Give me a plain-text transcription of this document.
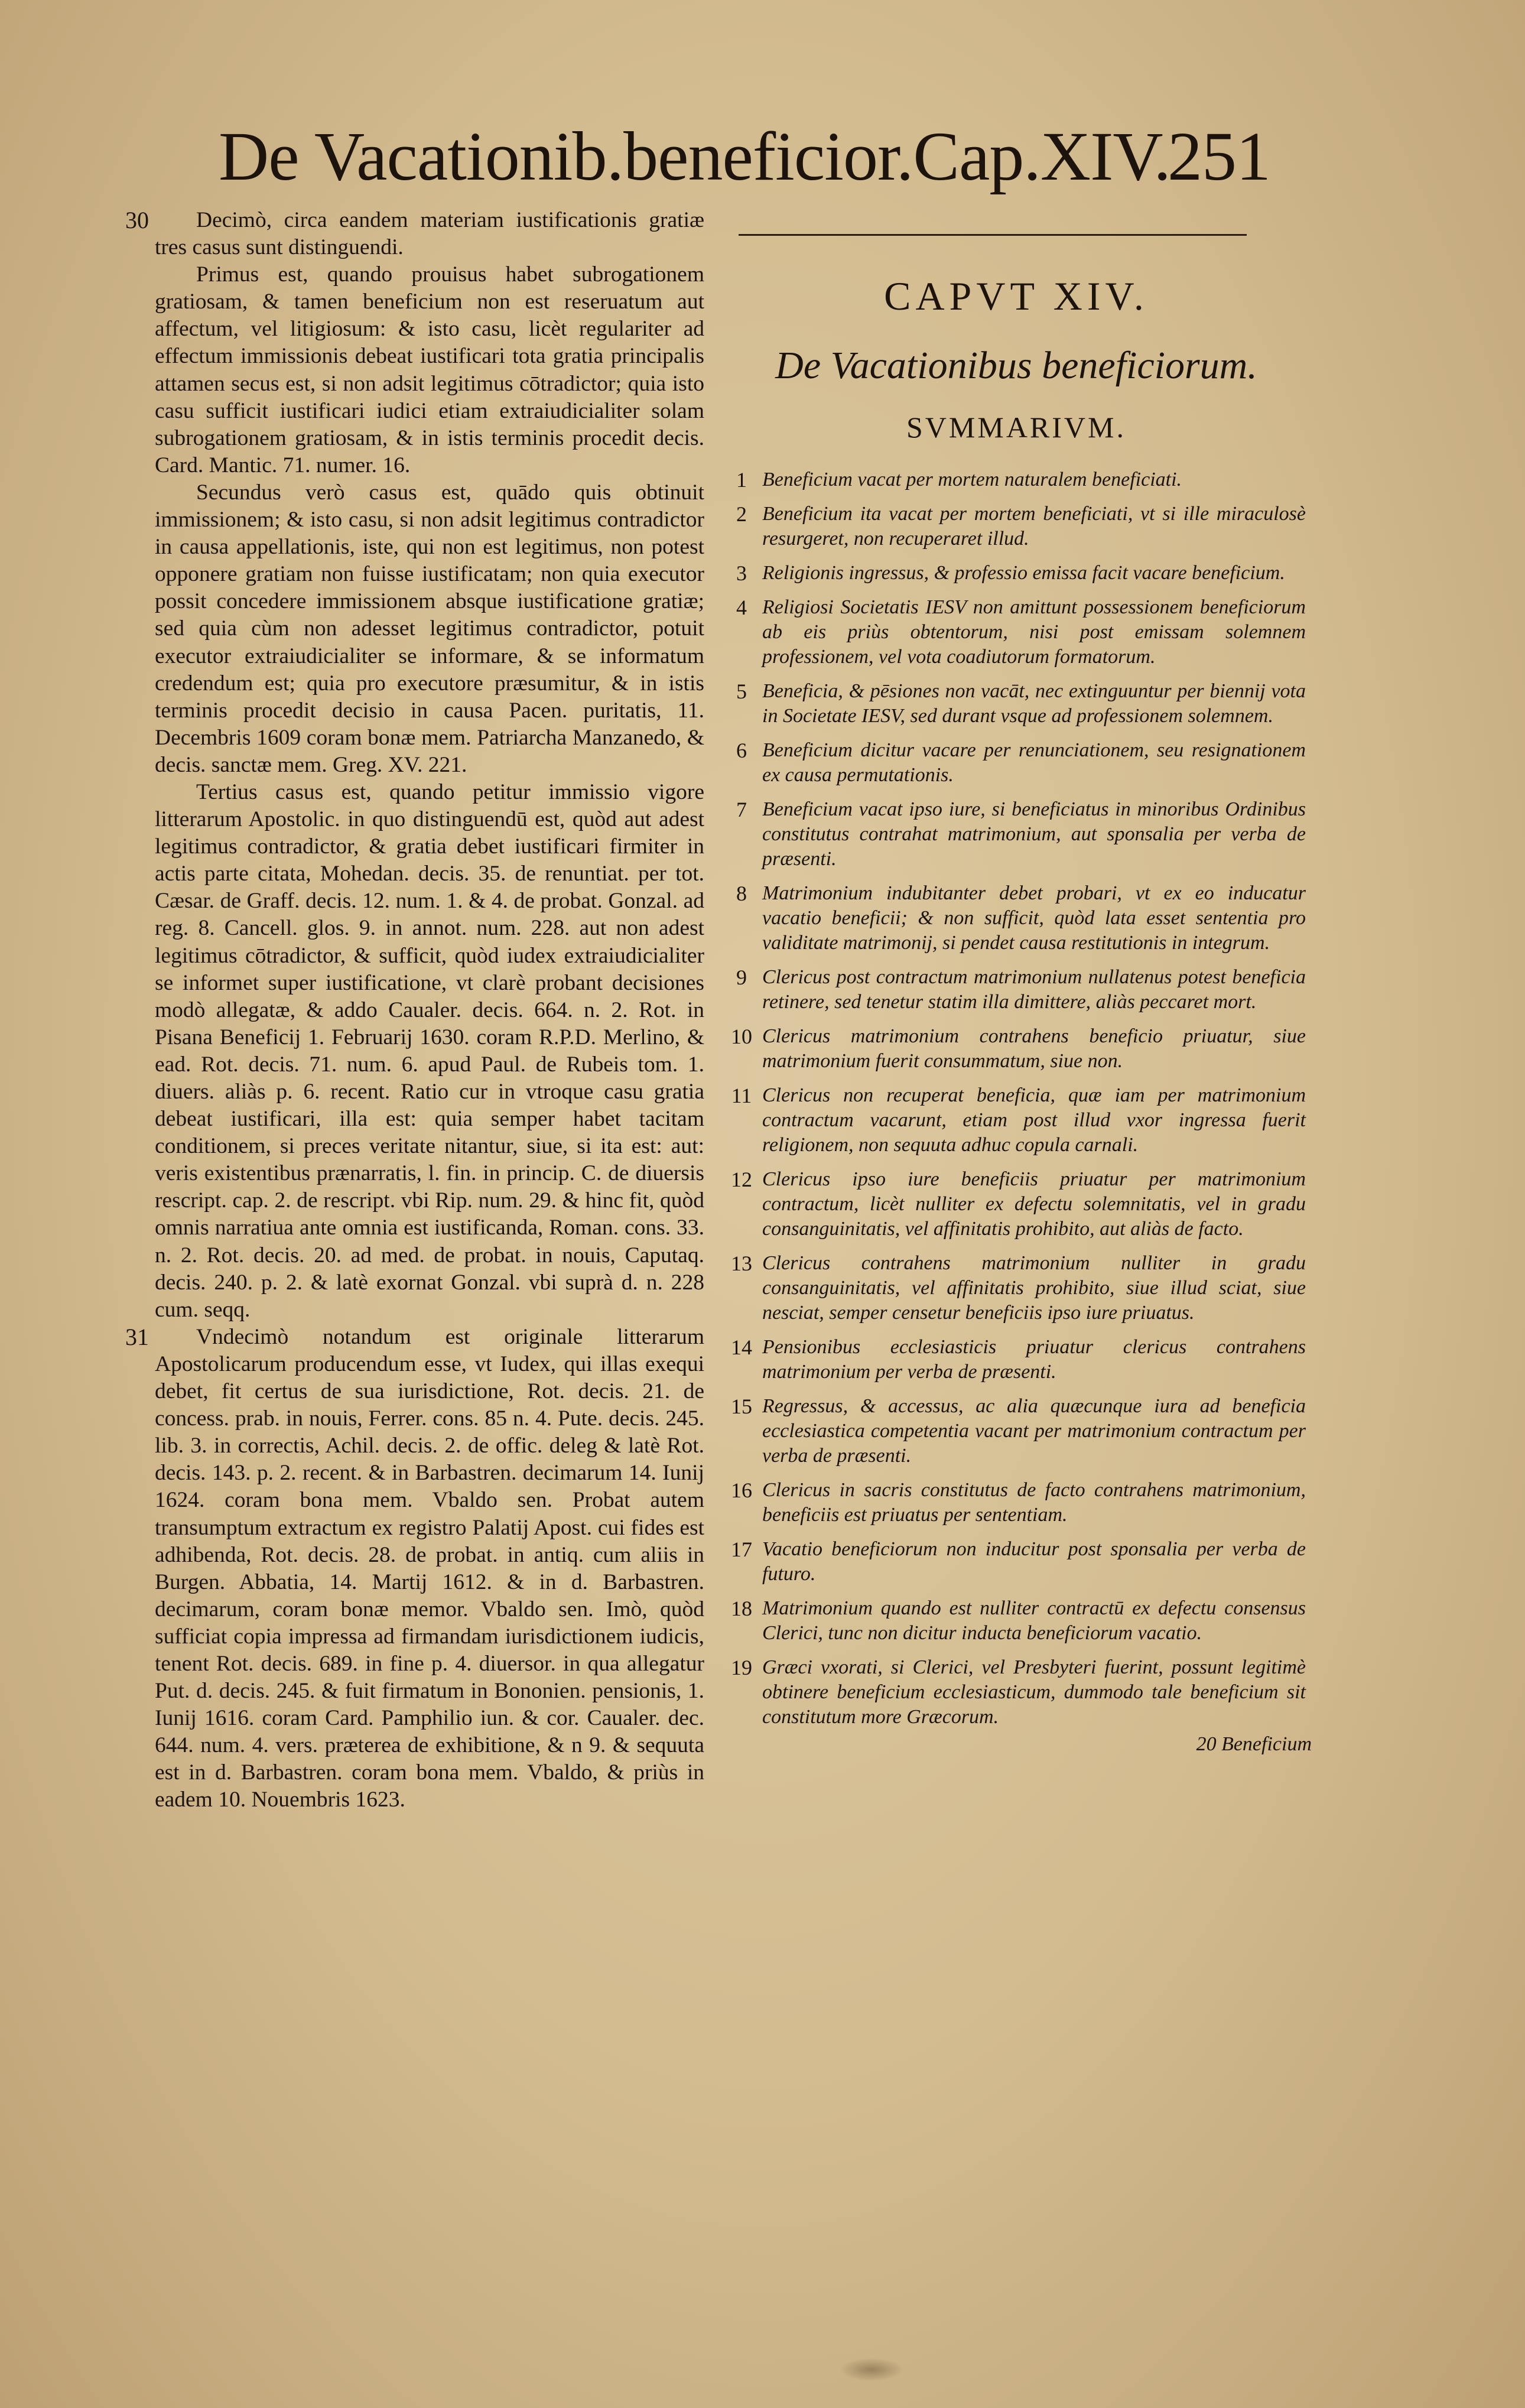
De Vacationib.beneficior.Cap.XIV.
251
30	Decimò, circa eandem materiam iustificationis gratiæ tres casus sunt distinguendi.

Primus est, quando prouisus habet subrogationem gratiosam, & tamen beneficium non est reseruatum aut affectum, vel litigiosum: & isto casu, licèt regulariter ad effectum immissionis debeat iustificari tota gratia principalis attamen secus est, si non adsit legitimus cōtradictor; quia isto casu sufficit iustificari iudici etiam extraiudicialiter solam subrogationem gratiosam, & in istis terminis procedit decis. Card. Mantic. 71. numer. 16.

Secundus verò casus est, quādo quis obtinuit immissionem; & isto casu, si non adsit legitimus contradictor in causa appellationis, iste, qui non est legitimus, non potest opponere gratiam non fuisse iustificatam; non quia executor possit concedere immissionem absque iustificatione gratiæ; sed quia cùm non adesset legitimus contradictor, potuit executor extraiudicialiter se informare, & se informatum credendum est; quia pro executore præsumitur, & in istis terminis procedit decisio in causa Pacen. puritatis, 11. Decembris 1609 coram bonæ mem. Patriarcha Manzanedo, & decis. sanctæ mem. Greg. XV. 221.

Tertius casus est, quando petitur immissio vigore litterarum Apostolic. in quo distinguendū est, quòd aut adest legitimus contradictor, & gratia debet iustificari firmiter in actis parte citata, Mohedan. decis. 35. de renuntiat. per tot. Cæsar. de Graff. decis. 12. num. 1. & 4. de probat. Gonzal. ad reg. 8. Cancell. glos. 9. in annot. num. 228. aut non adest legitimus cōtradictor, & sufficit, quòd iudex extraiudicialiter se informet super iustificatione, vt clarè probant decisiones modò allegatæ, & addo Caualer. decis. 664. n. 2. Rot. in Pisana Beneficij 1. Februarij 1630. coram R.P.D. Merlino, & ead. Rot. decis. 71. num. 6. apud Paul. de Rubeis tom. 1. diuers. aliàs p. 6. recent. Ratio cur in vtroque casu gratia debeat iustificari, illa est: quia semper habet tacitam conditionem, si preces veritate nitantur, siue, si ita est: aut: veris existentibus prænarratis, l. fin. in princip. C. de diuersis rescript. cap. 2. de rescript. vbi Rip. num. 29. & hinc fit, quòd omnis narratiua ante omnia est iustificanda, Roman. cons. 33. n. 2. Rot. decis. 20. ad med. de probat. in nouis, Caputaq. decis. 240. p. 2. & latè exornat Gonzal. vbi suprà d. n. 228 cum. seqq.

31	Vndecimò notandum est originale litterarum Apostolicarum producendum esse, vt Iudex, qui illas exequi debet, fit certus de sua iurisdictione, Rot. decis. 21. de concess. prab. in nouis, Ferrer. cons. 85 n. 4. Pute. decis. 245. lib. 3. in correctis, Achil. decis. 2. de offic. deleg & latè Rot. decis. 143. p. 2. recent. & in Barbastren. decimarum 14. Iunij 1624. coram bona mem. Vbaldo sen. Probat autem transumptum extractum ex registro Palatij Apost. cui fides est adhibenda, Rot. decis. 28. de probat. in antiq. cum aliis in Burgen. Abbatia, 14. Martij 1612. & in d. Barbastren. decimarum, coram bonæ memor. Vbaldo sen. Imò, quòd sufficiat copia impressa ad firmandam iurisdictionem iudicis, tenent Rot. decis. 689. in fine p. 4. diuersor. in qua allegatur Put. d. decis. 245. & fuit firmatum in Bononien. pensionis, 1. Iunij 1616. coram Card. Pamphilio iun. & cor. Caualer. dec. 644. num. 4. vers. præterea de exhibitione, & n 9. & sequuta est in d. Barbastren. coram bona mem. Vbaldo, & priùs in eadem 10. Nouembris 1623.

CAPVT XIV.
De Vacationibus beneficiorum.
SVMMARIVM.
1 Beneficium vacat per mortem naturalem beneficiati.
2 Beneficium ita vacat per mortem beneficiati, vt si ille miraculosè resurgeret, non recuperaret illud.
3 Religionis ingressus, & professio emissa facit vacare beneficium.
4 Religiosi Societatis IESV non amittunt possessionem beneficiorum ab eis priùs obtentorum, nisi post emissam solemnem professionem, vel vota coadiutorum formatorum.
5 Beneficia, & pēsiones non vacāt, nec extinguuntur per biennij vota in Societate IESV, sed durant vsque ad professionem solemnem.
6 Beneficium dicitur vacare per renunciationem, seu resignationem ex causa permutationis.
7 Beneficium vacat ipso iure, si beneficiatus in minoribus Ordinibus constitutus contrahat matrimonium, aut sponsalia per verba de præsenti.
8 Matrimonium indubitanter debet probari, vt ex eo inducatur vacatio beneficii; & non sufficit, quòd lata esset sententia pro validitate matrimonij, si pendet causa restitutionis in integrum.
9 Clericus post contractum matrimonium nullatenus potest beneficia retinere, sed tenetur statim illa dimittere, aliàs peccaret mort.
10 Clericus matrimonium contrahens beneficio priuatur, siue matrimonium fuerit consummatum, siue non.
11 Clericus non recuperat beneficia, quæ iam per matrimonium contractum vacarunt, etiam post illud vxor ingressa fuerit religionem, non sequuta adhuc copula carnali.
12 Clericus ipso iure beneficiis priuatur per matrimonium contractum, licèt nulliter ex defectu solemnitatis, vel in gradu consanguinitatis, vel affinitatis prohibito, aut aliàs de facto.
13 Clericus contrahens matrimonium nulliter in gradu consanguinitatis, vel affinitatis prohibito, siue illud sciat, siue nesciat, semper censetur beneficiis ipso iure priuatus.
14 Pensionibus ecclesiasticis priuatur clericus contrahens matrimonium per verba de præsenti.
15 Regressus, & accessus, ac alia quæcunque iura ad beneficia ecclesiastica competentia vacant per matrimonium contractum per verba de præsenti.
16 Clericus in sacris constitutus de facto contrahens matrimonium, beneficiis est priuatus per sententiam.
17 Vacatio beneficiorum non inducitur post sponsalia per verba de futuro.
18 Matrimonium quando est nulliter contractū ex defectu consensus Clerici, tunc non dicitur inducta beneficiorum vacatio.
19 Græci vxorati, si Clerici, vel Presbyteri fuerint, possunt legitimè obtinere beneficium ecclesiasticum, dummodo tale beneficium sit constitutum more Græcorum.
20 Beneficium
